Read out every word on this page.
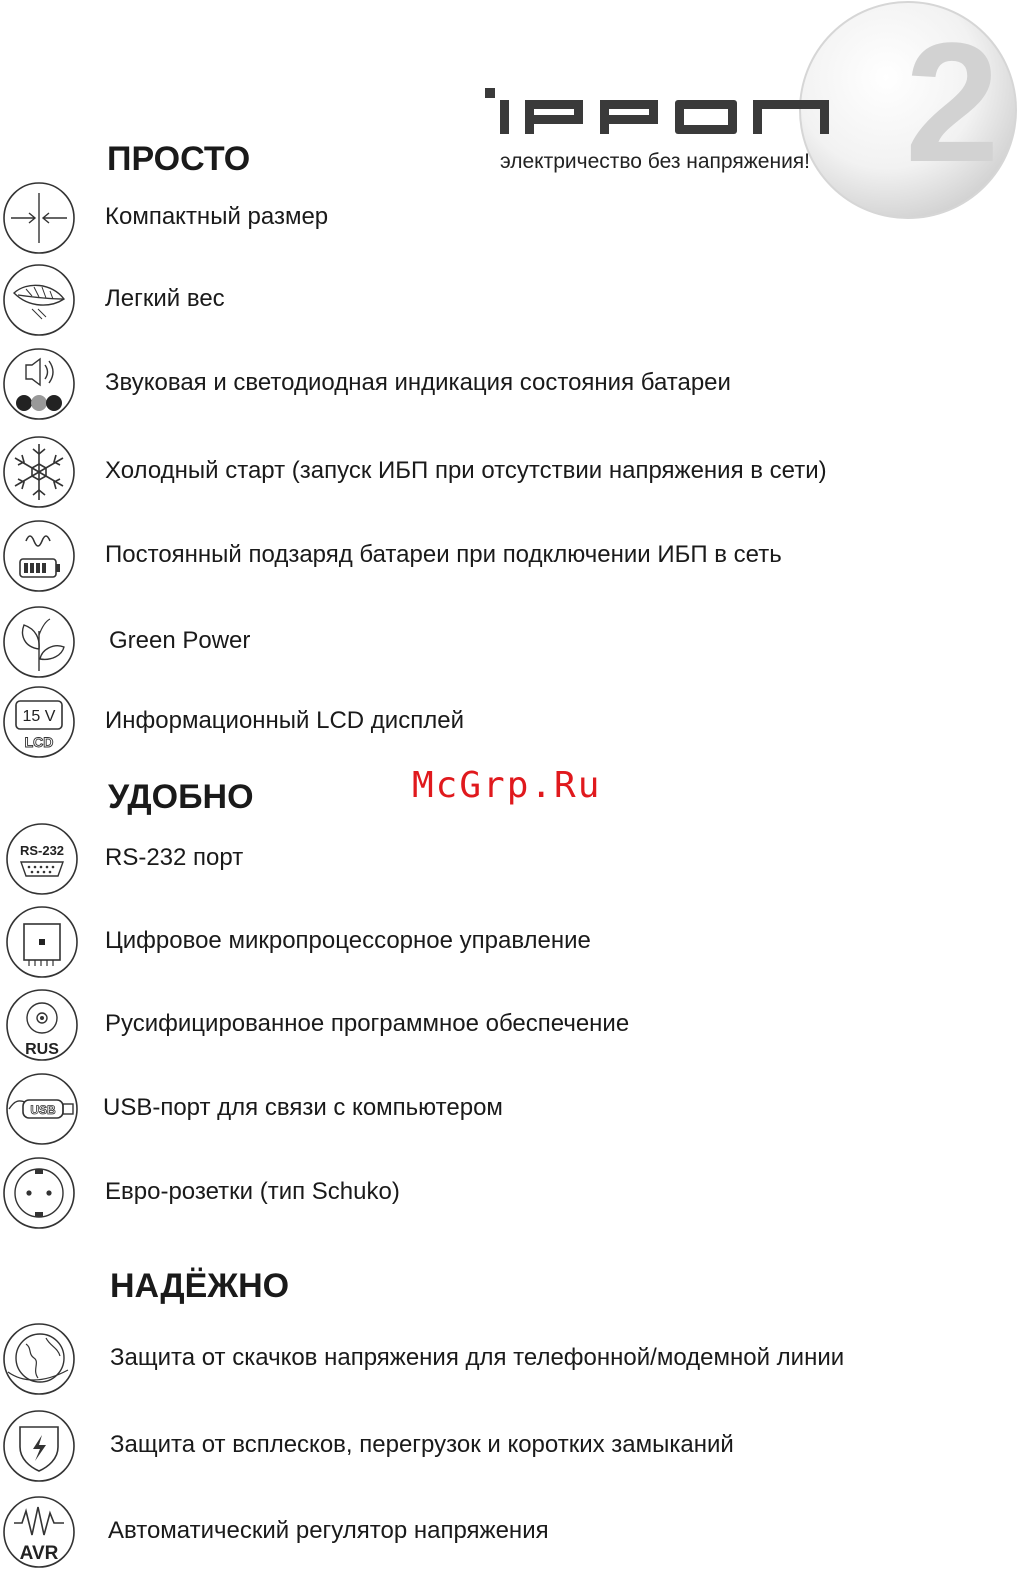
электричество без напряжения! 2
McGrp.Ru
ПРОСТО
Компактный размер
Легкий вес
Звуковая и светодиодная индикация состояния батареи
Холодный старт (запуск ИБП при отсутствии напряжения в сети)
Постоянный подзаряд батареи при подключении ИБП в сеть
Green Power
15 V
LCD
Информационный LCD дисплей
УДОБНО
RS-232 RS-232 порт
Цифровое микропроцессорное управление
RUS
Русифицированное программное обеспечение
USB USB-порт для связи с компьютером
Евро-розетки (тип Schuko)
НАДЁЖНО
Защита от скачков напряжения для телефонной/модемной линии
Защита от всплесков, перегрузок и коротких замыканий
AVR
Автоматический регулятор напряжения
